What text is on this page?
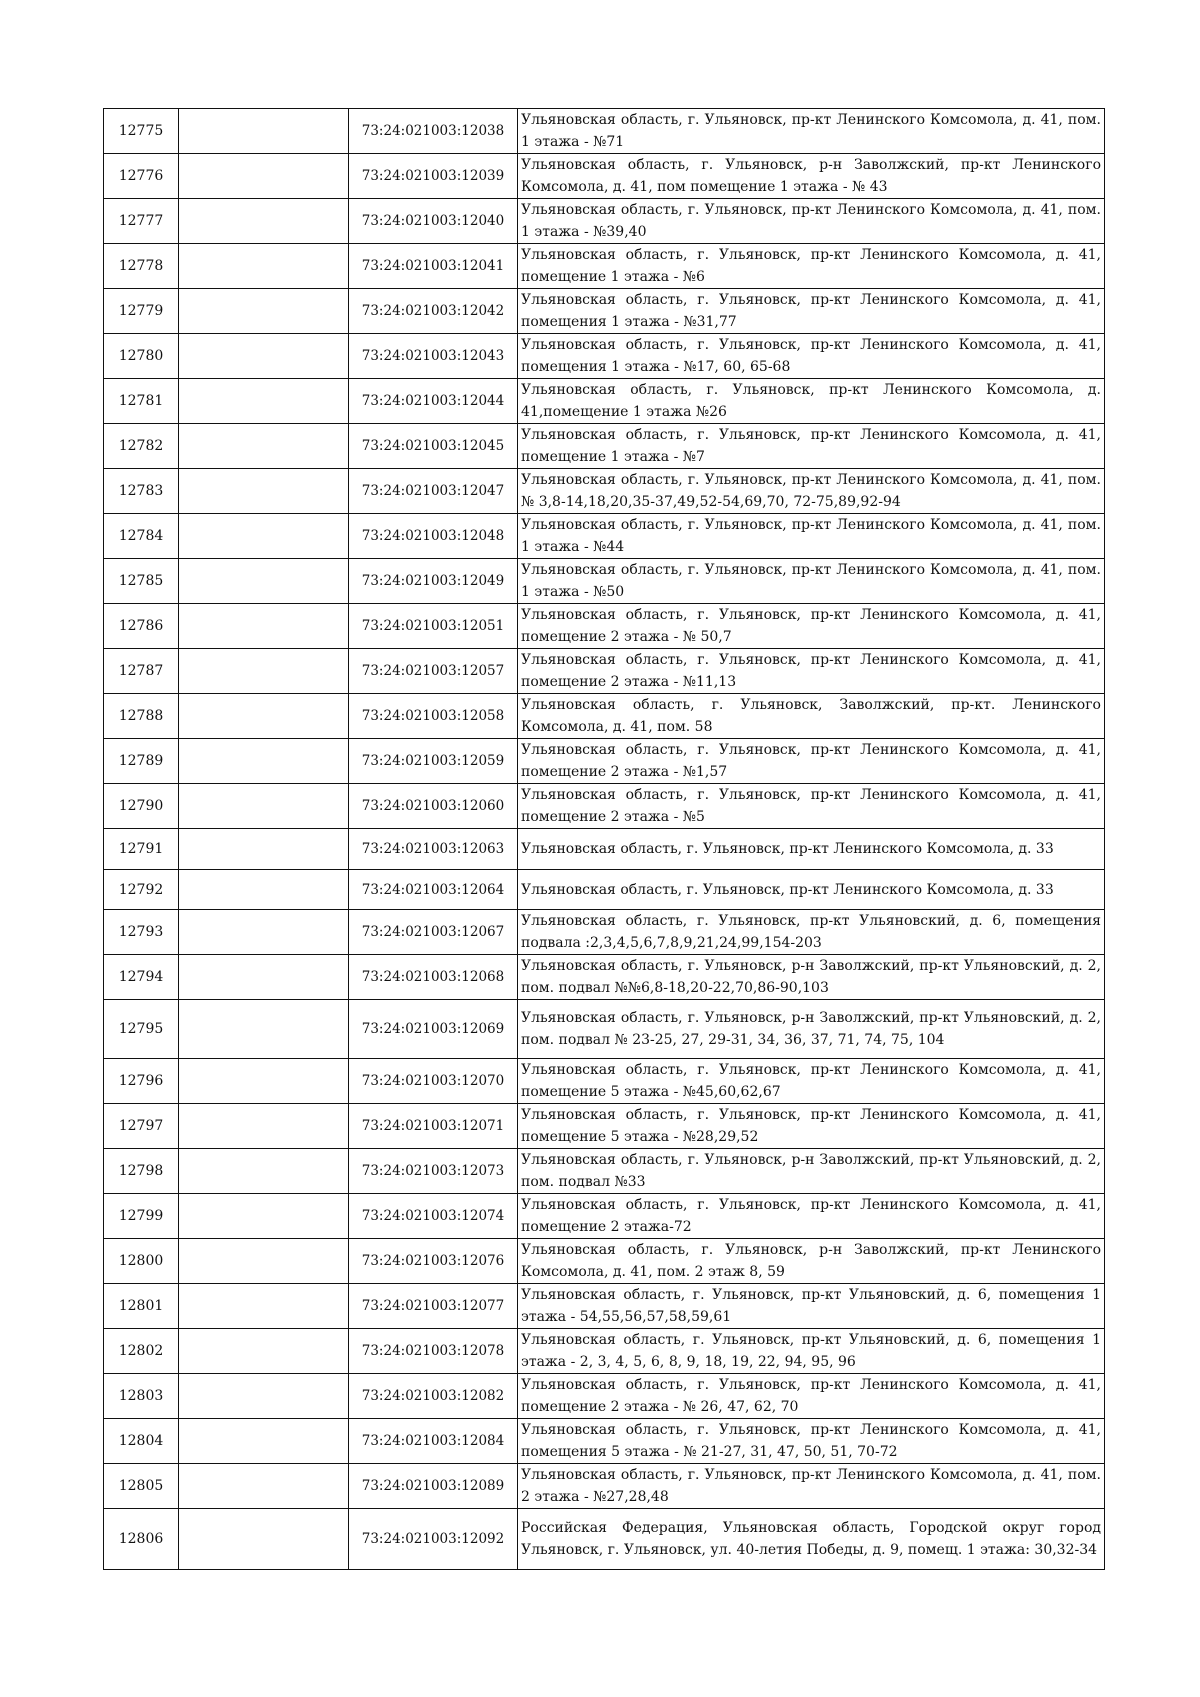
12775		73:24:021003:12038	Ульяновская область, г. Ульяновск, пр-кт Ленинского Комсомола, д. 41, пом. 1 этажа - №71
12776		73:24:021003:12039	Ульяновская область, г. Ульяновск, р-н Заволжский, пр-кт Ленинского Комсомола, д. 41, пом помещение 1 этажа - № 43
12777		73:24:021003:12040	Ульяновская область, г. Ульяновск, пр-кт Ленинского Комсомола, д. 41, пом. 1 этажа - №39,40
12778		73:24:021003:12041	Ульяновская область, г. Ульяновск, пр-кт Ленинского Комсомола, д. 41, помещение 1 этажа - №6
12779		73:24:021003:12042	Ульяновская область, г. Ульяновск, пр-кт Ленинского Комсомола, д. 41, помещения 1 этажа - №31,77
12780		73:24:021003:12043	Ульяновская область, г. Ульяновск, пр-кт Ленинского Комсомола, д. 41, помещения 1 этажа - №17, 60, 65-68
12781		73:24:021003:12044	Ульяновская область, г. Ульяновск, пр-кт Ленинского Комсомола, д. 41,помещение 1 этажа №26
12782		73:24:021003:12045	Ульяновская область, г. Ульяновск, пр-кт Ленинского Комсомола, д. 41, помещение 1 этажа - №7
12783		73:24:021003:12047	Ульяновская область, г. Ульяновск, пр-кт Ленинского Комсомола, д. 41, пом. № 3,8-14,18,20,35-37,49,52-54,69,70, 72-75,89,92-94
12784		73:24:021003:12048	Ульяновская область, г. Ульяновск, пр-кт Ленинского Комсомола, д. 41, пом. 1 этажа - №44
12785		73:24:021003:12049	Ульяновская область, г. Ульяновск, пр-кт Ленинского Комсомола, д. 41, пом. 1 этажа - №50
12786		73:24:021003:12051	Ульяновская область, г. Ульяновск, пр-кт Ленинского Комсомола, д. 41, помещение 2 этажа - № 50,7
12787		73:24:021003:12057	Ульяновская область, г. Ульяновск, пр-кт Ленинского Комсомола, д. 41, помещение 2 этажа - №11,13
12788		73:24:021003:12058	Ульяновская область, г. Ульяновск, Заволжский, пр-кт. Ленинского Комсомола, д. 41, пом. 58
12789		73:24:021003:12059	Ульяновская область, г. Ульяновск, пр-кт Ленинского Комсомола, д. 41, помещение 2 этажа - №1,57
12790		73:24:021003:12060	Ульяновская область, г. Ульяновск, пр-кт Ленинского Комсомола, д. 41, помещение 2 этажа - №5
12791		73:24:021003:12063	Ульяновская область, г. Ульяновск, пр-кт Ленинского Комсомола, д. 33
12792		73:24:021003:12064	Ульяновская область, г. Ульяновск, пр-кт Ленинского Комсомола, д. 33
12793		73:24:021003:12067	Ульяновская область, г. Ульяновск, пр-кт Ульяновский, д. 6, помещения подвала :2,3,4,5,6,7,8,9,21,24,99,154-203
12794		73:24:021003:12068	Ульяновская область, г. Ульяновск, р-н Заволжский, пр-кт Ульяновский, д. 2, пом. подвал №№6,8-18,20-22,70,86-90,103
12795		73:24:021003:12069	Ульяновская область, г. Ульяновск, р-н Заволжский, пр-кт Ульяновский, д. 2, пом. подвал № 23-25, 27, 29-31, 34, 36, 37, 71, 74, 75, 104
12796		73:24:021003:12070	Ульяновская область, г. Ульяновск, пр-кт Ленинского Комсомола, д. 41, помещение 5 этажа - №45,60,62,67
12797		73:24:021003:12071	Ульяновская область, г. Ульяновск, пр-кт Ленинского Комсомола, д. 41, помещение 5 этажа - №28,29,52
12798		73:24:021003:12073	Ульяновская область, г. Ульяновск, р-н Заволжский, пр-кт Ульяновский, д. 2, пом. подвал №33
12799		73:24:021003:12074	Ульяновская область, г. Ульяновск, пр-кт Ленинского Комсомола, д. 41, помещение 2 этажа-72
12800		73:24:021003:12076	Ульяновская область, г. Ульяновск, р-н Заволжский, пр-кт Ленинского Комсомола, д. 41, пом. 2 этаж 8, 59
12801		73:24:021003:12077	Ульяновская область, г. Ульяновск, пр-кт Ульяновский, д. 6, помещения 1 этажа - 54,55,56,57,58,59,61
12802		73:24:021003:12078	Ульяновская область, г. Ульяновск, пр-кт Ульяновский, д. 6, помещения 1 этажа - 2, 3, 4, 5, 6, 8, 9, 18, 19, 22, 94, 95, 96
12803		73:24:021003:12082	Ульяновская область, г. Ульяновск, пр-кт Ленинского Комсомола, д. 41, помещение 2 этажа - № 26, 47, 62, 70
12804		73:24:021003:12084	Ульяновская область, г. Ульяновск, пр-кт Ленинского Комсомола, д. 41, помещения 5 этажа - № 21-27, 31, 47, 50, 51, 70-72
12805		73:24:021003:12089	Ульяновская область, г. Ульяновск, пр-кт Ленинского Комсомола, д. 41, пом. 2 этажа - №27,28,48
12806		73:24:021003:12092	Российская Федерация, Ульяновская область, Городской округ город Ульяновск, г. Ульяновск, ул. 40-летия Победы, д. 9, помещ. 1 этажа: 30,32-34
